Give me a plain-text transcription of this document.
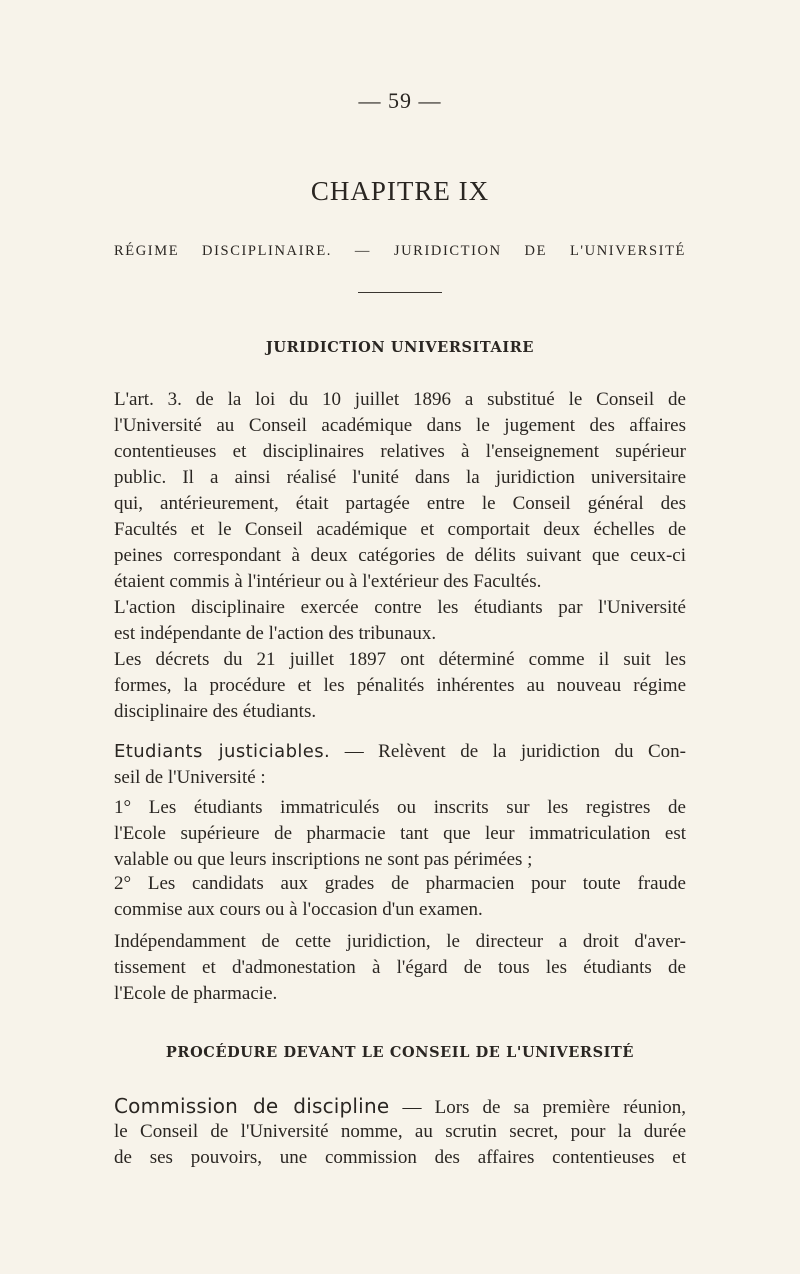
— 59 —
CHAPITRE IX
RÉGIME DISCIPLINAIRE. — JURIDICTION DE L'UNIVERSITÉ
JURIDICTION UNIVERSITAIRE
L'art. 3. de la loi du 10 juillet 1896 a substitué le Conseil de
l'Université au Conseil académique dans le jugement des affaires
contentieuses et disciplinaires relatives à l'enseignement supérieur
public. Il a ainsi réalisé l'unité dans la juridiction universitaire
qui, antérieurement, était partagée entre le Conseil général des
Facultés et le Conseil académique et comportait deux échelles de
peines correspondant à deux catégories de délits suivant que ceux-ci
étaient commis à l'intérieur ou à l'extérieur des Facultés.
L'action disciplinaire exercée contre les étudiants par l'Université
est indépendante de l'action des tribunaux.
Les décrets du 21 juillet 1897 ont déterminé comme il suit les
formes, la procédure et les pénalités inhérentes au nouveau régime
disciplinaire des étudiants.
Etudiants justiciables. — Relèvent de la juridiction du Con-
seil de l'Université :
1° Les étudiants immatriculés ou inscrits sur les registres de
l'Ecole supérieure de pharmacie tant que leur immatriculation est
valable ou que leurs inscriptions ne sont pas périmées ;
2° Les candidats aux grades de pharmacien pour toute fraude
commise aux cours ou à l'occasion d'un examen.
Indépendamment de cette juridiction, le directeur a droit d'aver-
tissement et d'admonestation à l'égard de tous les étudiants de
l'Ecole de pharmacie.
PROCÉDURE DEVANT LE CONSEIL DE L'UNIVERSITÉ
Commission de discipline — Lors de sa première réunion,
le Conseil de l'Université nomme, au scrutin secret, pour la durée
de ses pouvoirs, une commission des affaires contentieuses et
